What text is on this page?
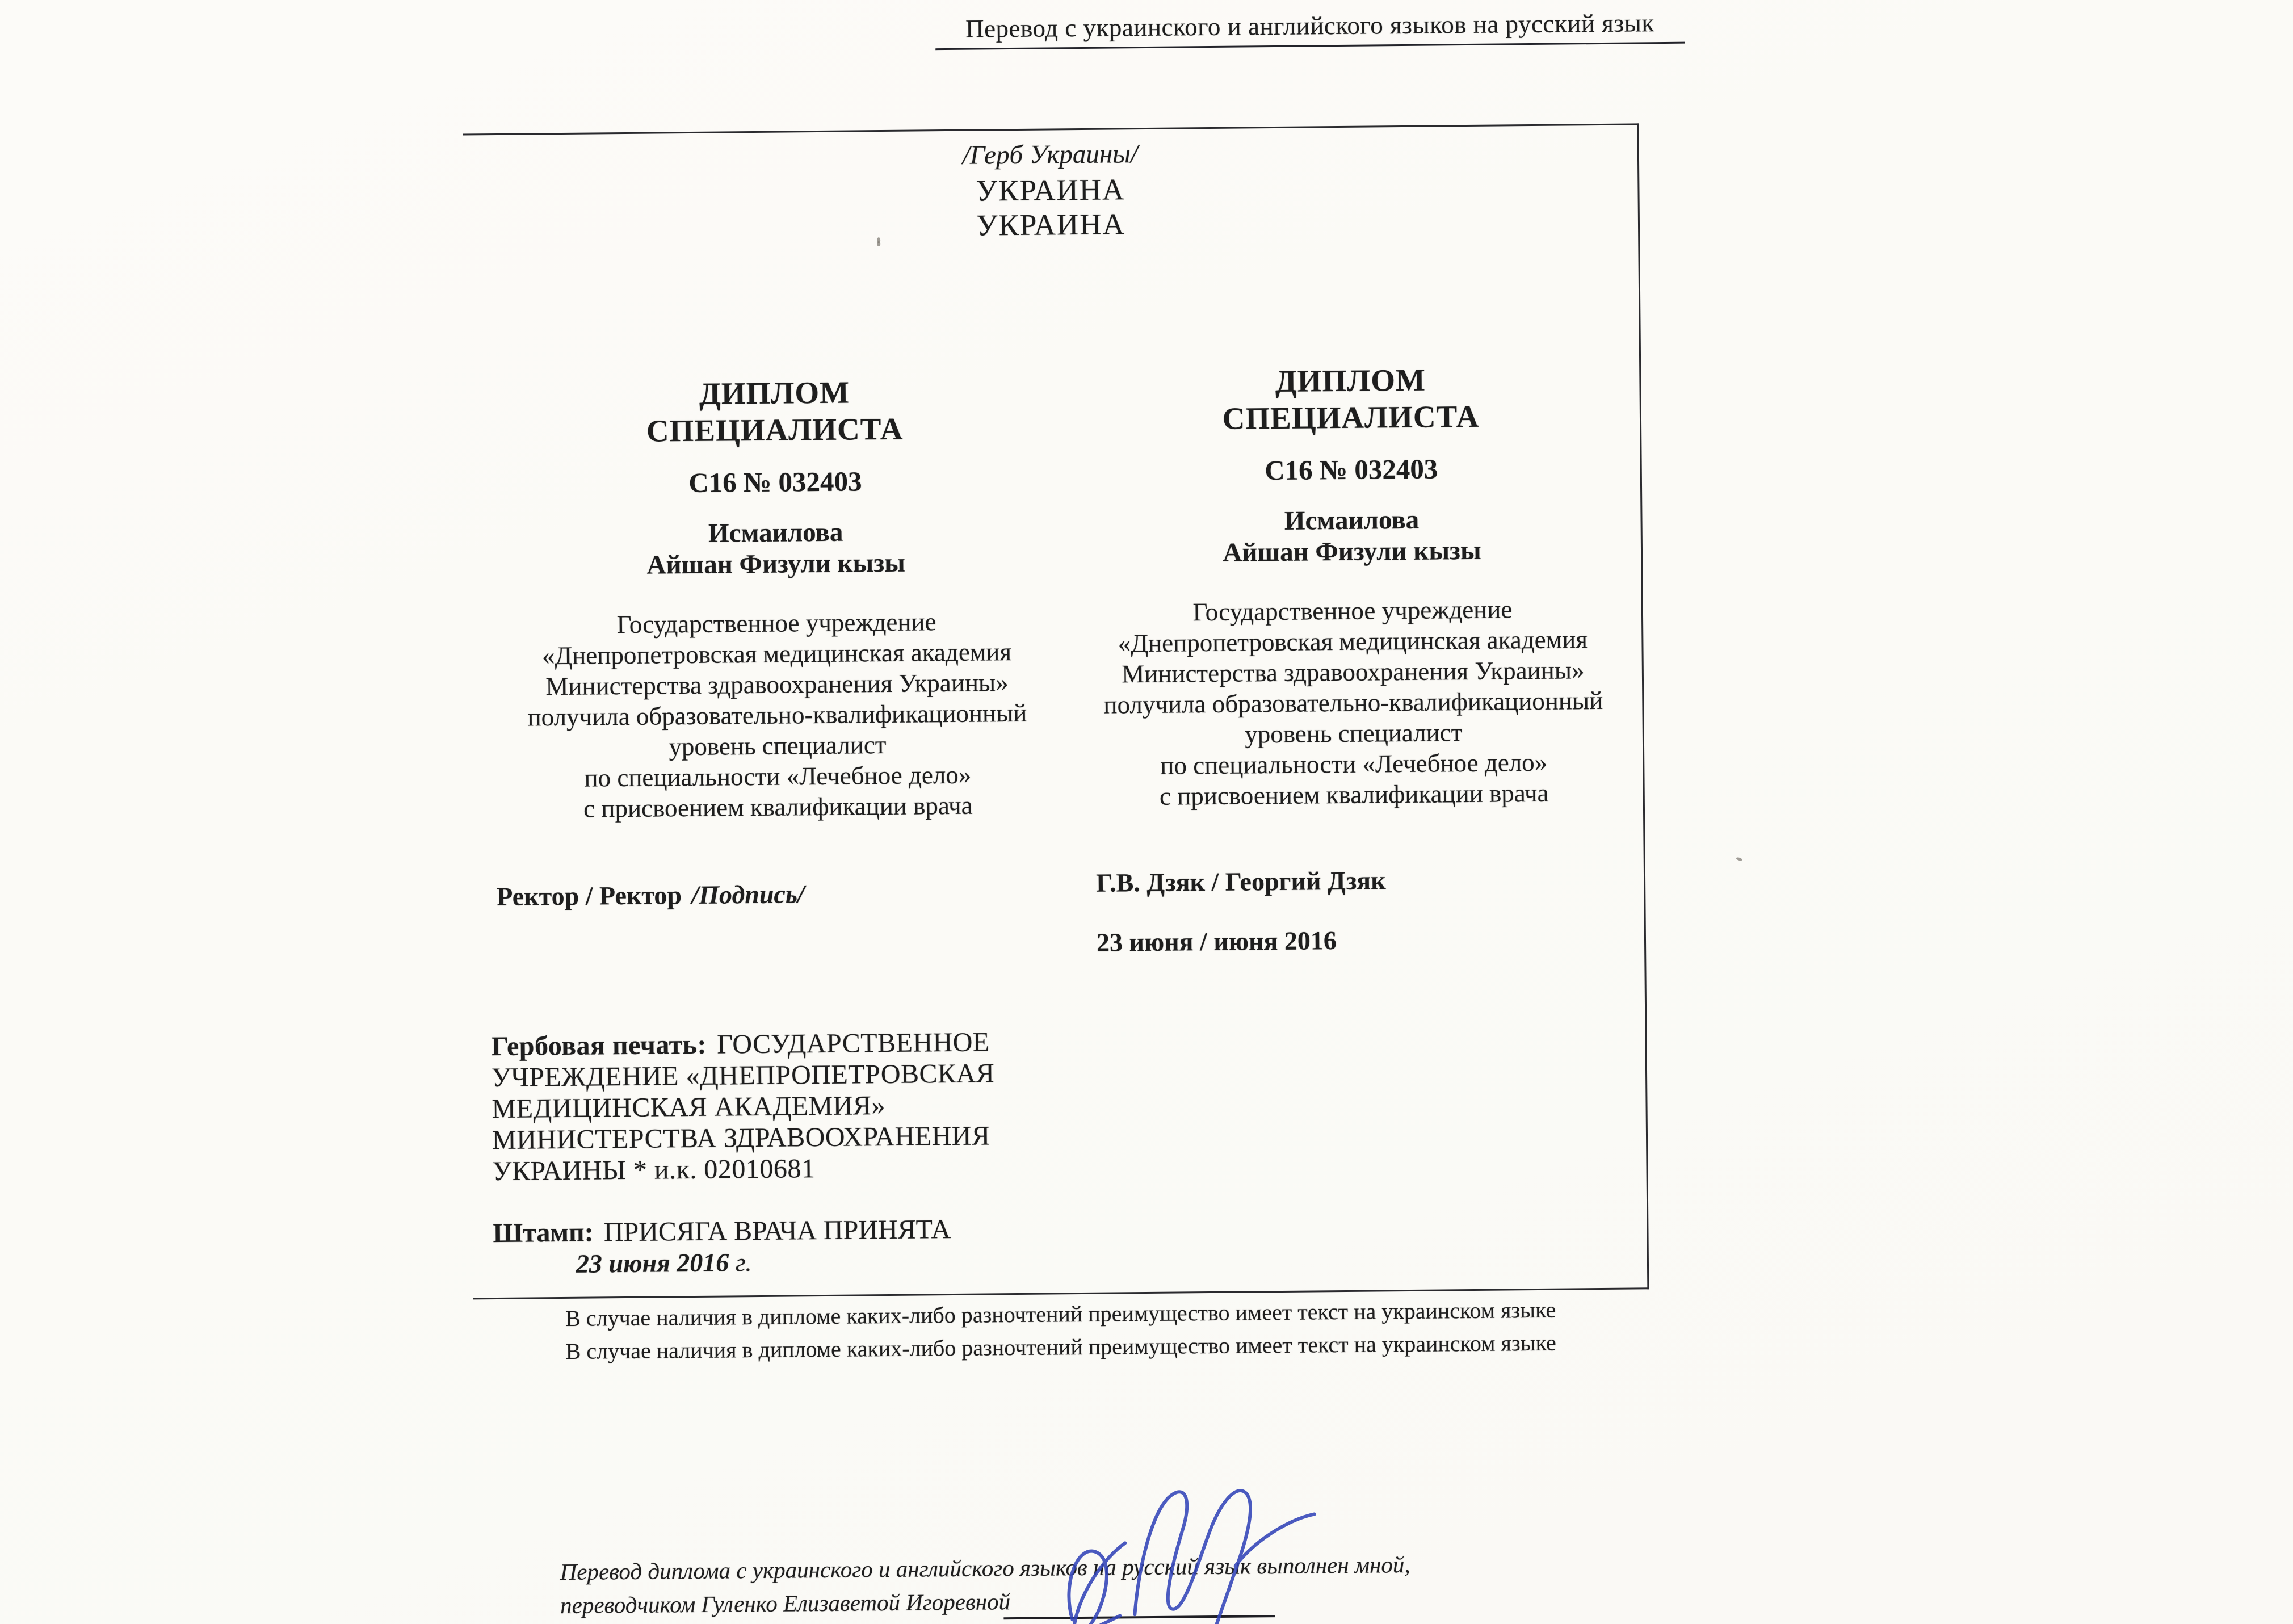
Перевод с украинского и английского языков на русский язык
/Герб Украины/
УКРАИНА
УКРАИНА
ДИПЛОМ
СПЕЦИАЛИСТА
С16 № 032403
Исмаилова
Айшан Физули кызы
Государственное учреждение
«Днепропетровская медицинская академия
Министерства здравоохранения Украины»
получила образовательно-квалификационный
уровень специалист
по специальности «Лечебное дело»
с присвоением квалификации врача
Ректор / Ректор /Подпись/
Гербовая печать: ГОСУДАРСТВЕННОЕ
УЧРЕЖДЕНИЕ «ДНЕПРОПЕТРОВСКАЯ
МЕДИЦИНСКАЯ АКАДЕМИЯ»
МИНИСТЕРСТВА ЗДРАВООХРАНЕНИЯ
УКРАИНЫ * и.к. 02010681
Штамп: ПРИСЯГА ВРАЧА ПРИНЯТА
23 июня 2016 г.
ДИПЛОМ
СПЕЦИАЛИСТА
С16 № 032403
Исмаилова
Айшан Физули кызы
Государственное учреждение
«Днепропетровская медицинская академия
Министерства здравоохранения Украины»
получила образовательно-квалификационный
уровень специалист
по специальности «Лечебное дело»
с присвоением квалификации врача
Г.В. Дзяк / Георгий Дзяк
23 июня / июня 2016
В случае наличия в дипломе каких-либо разночтений преимущество имеет текст на украинском языке
В случае наличия в дипломе каких-либо разночтений преимущество имеет текст на украинском языке
Перевод диплома с украинского и английского языков на русский язык выполнен мной,
переводчиком Гуленко Елизаветой Игоревной
